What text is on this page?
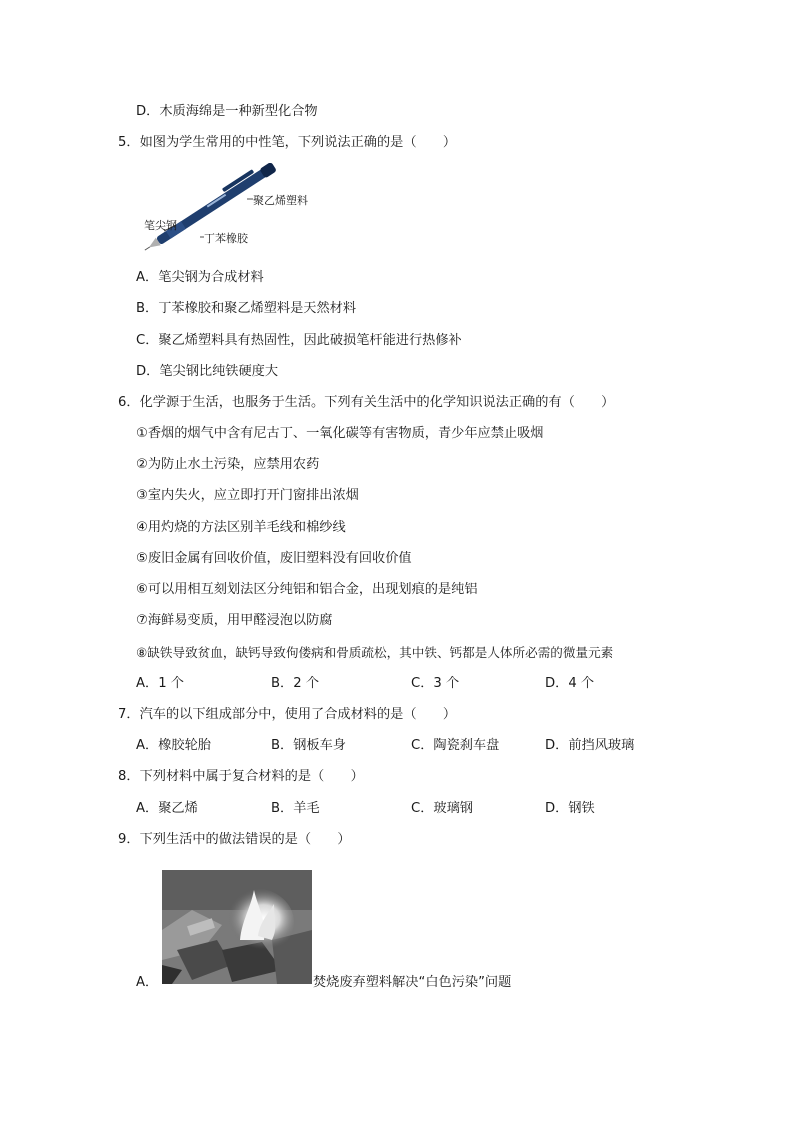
D．木质海绵是一种新型化合物
5．如图为学生常用的中性笔，下列说法正确的是（　　）
聚乙烯塑料
笔尖钢
丁苯橡胶
A．笔尖钢为合成材料
B．丁苯橡胶和聚乙烯塑料是天然材料
C．聚乙烯塑料具有热固性，因此破损笔杆能进行热修补
D．笔尖钢比纯铁硬度大
6．化学源于生活，也服务于生活。下列有关生活中的化学知识说法正确的有（　　）
①香烟的烟气中含有尼古丁、一氧化碳等有害物质，青少年应禁止吸烟
②为防止水土污染，应禁用农药
③室内失火，应立即打开门窗排出浓烟
④用灼烧的方法区别羊毛线和棉纱线
⑤废旧金属有回收价值，废旧塑料没有回收价值
⑥可以用相互刻划法区分纯铝和铝合金，出现划痕的是纯铝
⑦海鲜易变质，用甲醛浸泡以防腐
⑧缺铁导致贫血，缺钙导致佝偻病和骨质疏松，其中铁、钙都是人体所必需的微量元素
A．1 个	B．2 个	C．3 个	D．4 个
7．汽车的以下组成部分中，使用了合成材料的是（　　）
A．橡胶轮胎	B．钢板车身	C．陶瓷刹车盘	D．前挡风玻璃
8．下列材料中属于复合材料的是（　　）
A．聚乙烯	B．羊毛	C．玻璃钢	D．钢铁
9．下列生活中的做法错误的是（　　）
A．	焚烧废弃塑料解决“白色污染”问题
